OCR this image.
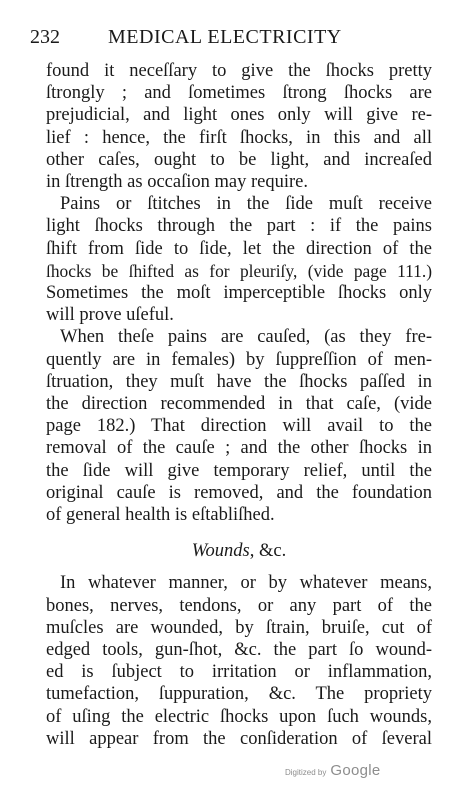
232	MEDICAL ELECTRICITY

found it neceſſary to give the ſhocks pretty
ſtrongly ; and ſometimes ſtrong ſhocks are
prejudicial, and light ones only will give re-
lief : hence, the firſt ſhocks, in this and all
other caſes, ought to be light, and increaſed
in ſtrength as occaſion may require.

Pains or ſtitches in the ſide muſt receive
light ſhocks through the part : if the pains
ſhift from ſide to ſide, let the direction of the
ſhocks be ſhifted as for pleuriſy, (vide page 111.)
Sometimes the moſt imperceptible ſhocks only
will prove uſeful.

When theſe pains are cauſed, (as they fre-
quently are in females) by ſuppreſſion of men-
ſtruation, they muſt have the ſhocks paſſed in
the direction recommended in that caſe, (vide
page 182.) That direction will avail to the
removal of the cauſe ; and the other ſhocks in
the ſide will give temporary relief, until the
original cauſe is removed, and the foundation
of general health is eſtabliſhed.

Wounds, &c.

In whatever manner, or by whatever means,
bones, nerves, tendons, or any part of the
muſcles are wounded, by ſtrain, bruiſe, cut of
edged tools, gun-ſhot, &c. the part ſo wound-
ed is ſubject to irritation or inflammation,
tumefaction, ſuppuration, &c. The propriety
of uſing the electric ſhocks upon ſuch wounds,
will appear from the conſideration of ſeveral

Digitized by Google
